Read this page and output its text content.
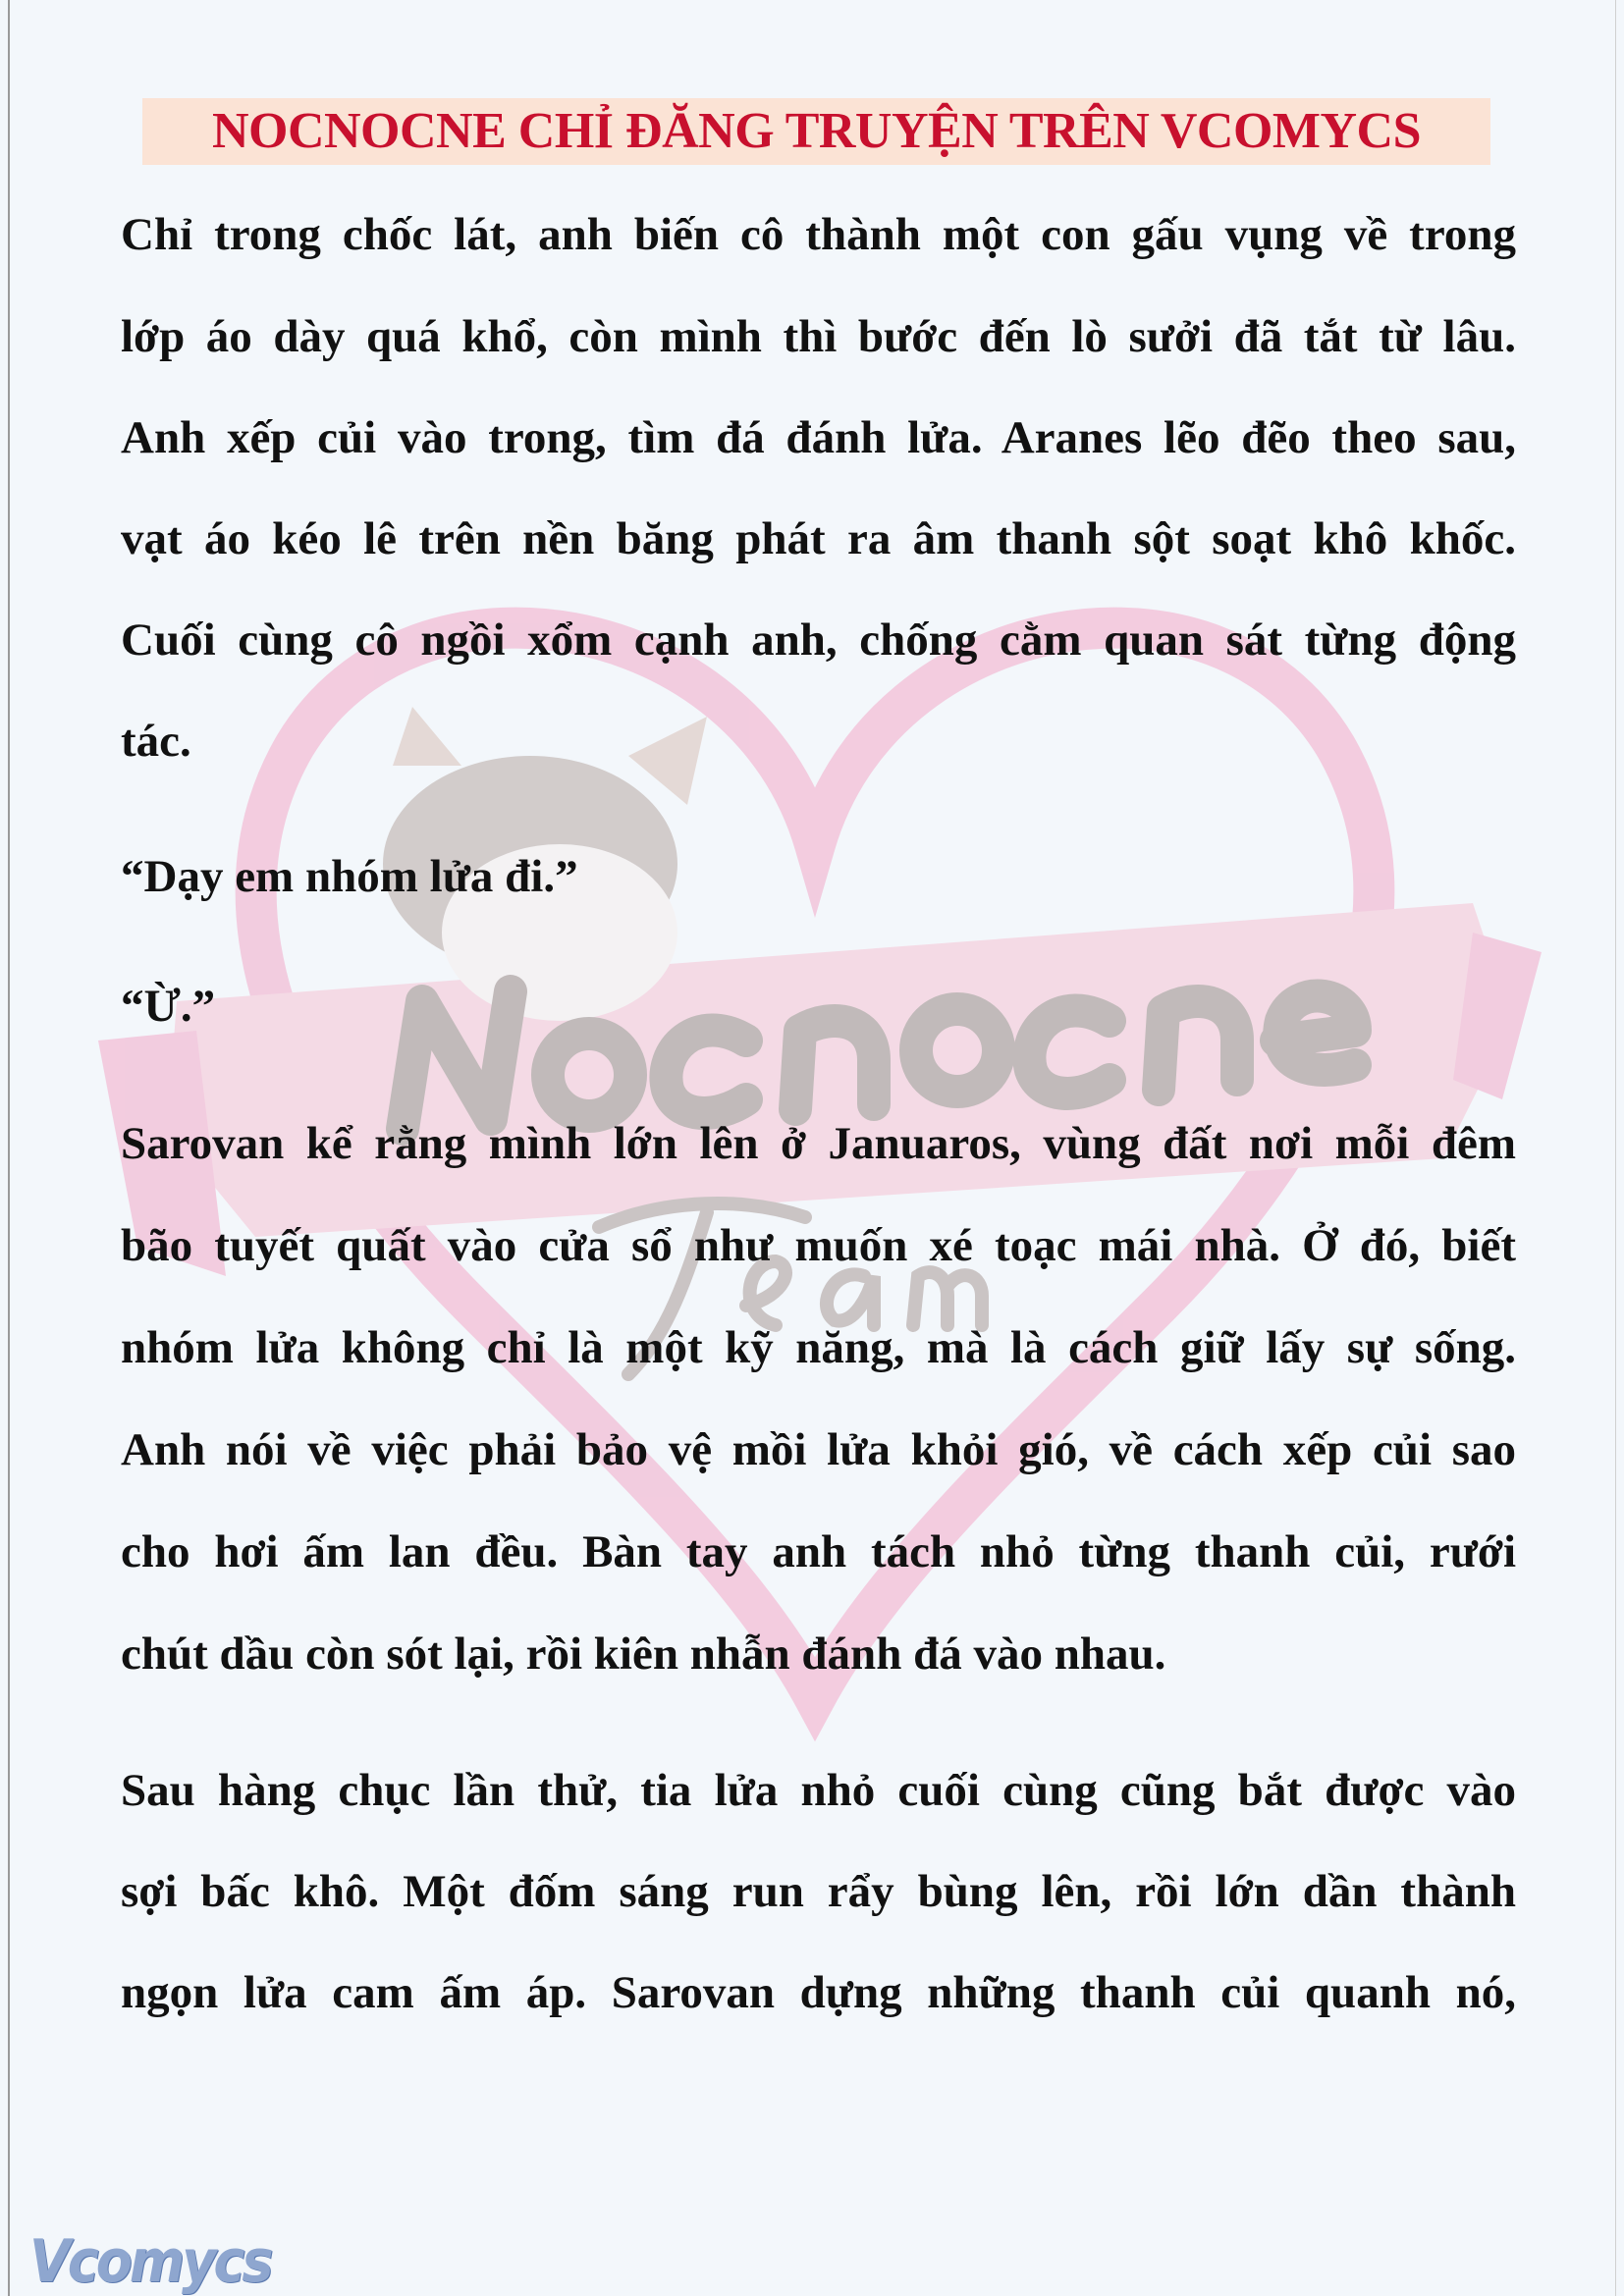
NOCNOCNE CHỈ ĐĂNG TRUYỆN TRÊN VCOMYCS
Chỉ trong chốc lát, anh biến cô thành một con gấu vụng về trong
lớp áo dày quá khổ, còn mình thì bước đến lò sưởi đã tắt từ lâu.
Anh xếp củi vào trong, tìm đá đánh lửa. Aranes lẽo đẽo theo sau,
vạt áo kéo lê trên nền băng phát ra âm thanh sột soạt khô khốc.
Cuối cùng cô ngồi xổm cạnh anh, chống cằm quan sát từng động
tác.
“Dạy em nhóm lửa đi.”
“Ừ.”
Sarovan kể rằng mình lớn lên ở Januaros, vùng đất nơi mỗi đêm
bão tuyết quất vào cửa sổ như muốn xé toạc mái nhà. Ở đó, biết
nhóm lửa không chỉ là một kỹ năng, mà là cách giữ lấy sự sống.
Anh nói về việc phải bảo vệ mồi lửa khỏi gió, về cách xếp củi sao
cho hơi ấm lan đều. Bàn tay anh tách nhỏ từng thanh củi, rưới
chút dầu còn sót lại, rồi kiên nhẫn đánh đá vào nhau.
Sau hàng chục lần thử, tia lửa nhỏ cuối cùng cũng bắt được vào
sợi bấc khô. Một đốm sáng run rẩy bùng lên, rồi lớn dần thành
ngọn lửa cam ấm áp. Sarovan dựng những thanh củi quanh nó,
Vcomycs
